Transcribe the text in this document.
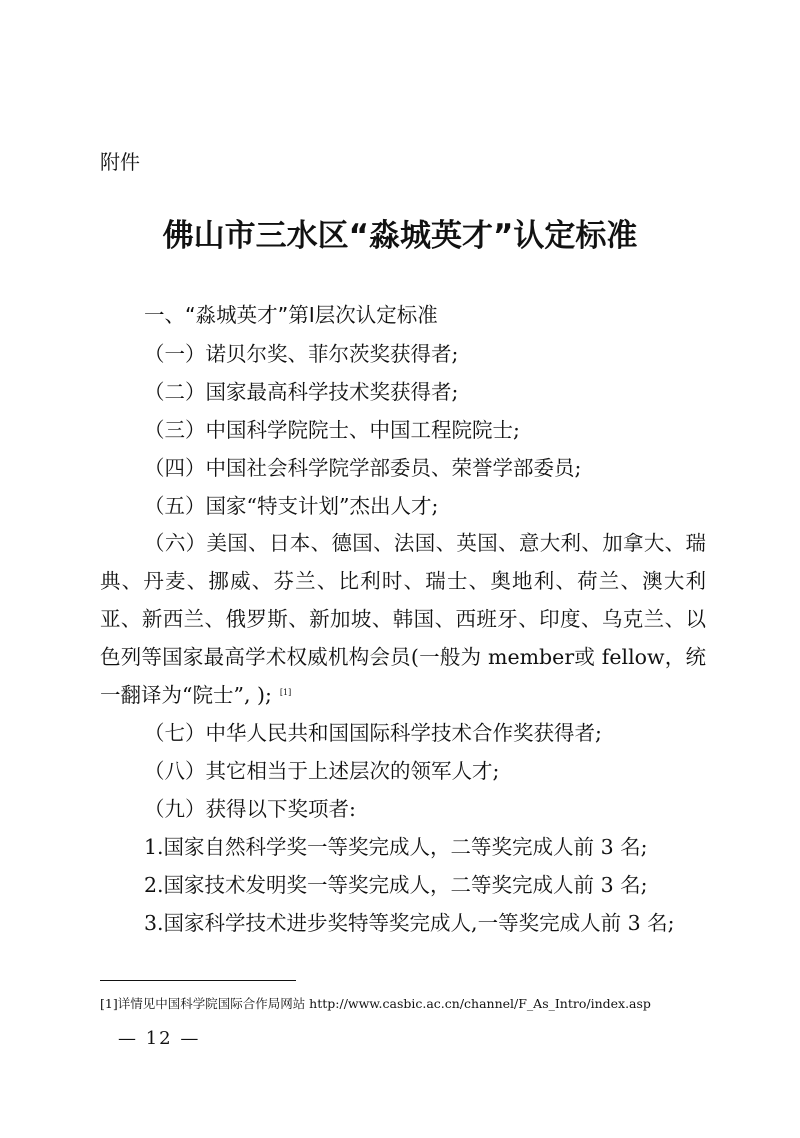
附件
佛山市三水区“淼城英才”认定标准
一、“淼城英才”第Ⅰ层次认定标准
（一）诺贝尔奖、菲尔茨奖获得者;
（二）国家最高科学技术奖获得者;
（三）中国科学院院士、中国工程院院士;
（四）中国社会科学院学部委员、荣誉学部委员;
（五）国家“特支计划”杰出人才;
（六）美国、日本、德国、法国、英国、意大利、加拿大、瑞典、丹麦、挪威、芬兰、比利时、瑞士、奥地利、荷兰、澳大利亚、新西兰、俄罗斯、新加坡、韩国、西班牙、印度、乌克兰、以色列等国家最高学术权威机构会员(一般为 member或 fellow，统一翻译为“院士”, ); [1]
（七）中华人民共和国国际科学技术合作奖获得者;
（八）其它相当于上述层次的领军人才;
（九）获得以下奖项者:
1.国家自然科学奖一等奖完成人，二等奖完成人前 3 名;
2.国家技术发明奖一等奖完成人，二等奖完成人前 3 名;
3.国家科学技术进步奖特等奖完成人,一等奖完成人前 3 名;
[1]详情见中国科学院国际合作局网站 http://www.casbic.ac.cn/channel/F_As_Intro/index.asp
— 12 —
